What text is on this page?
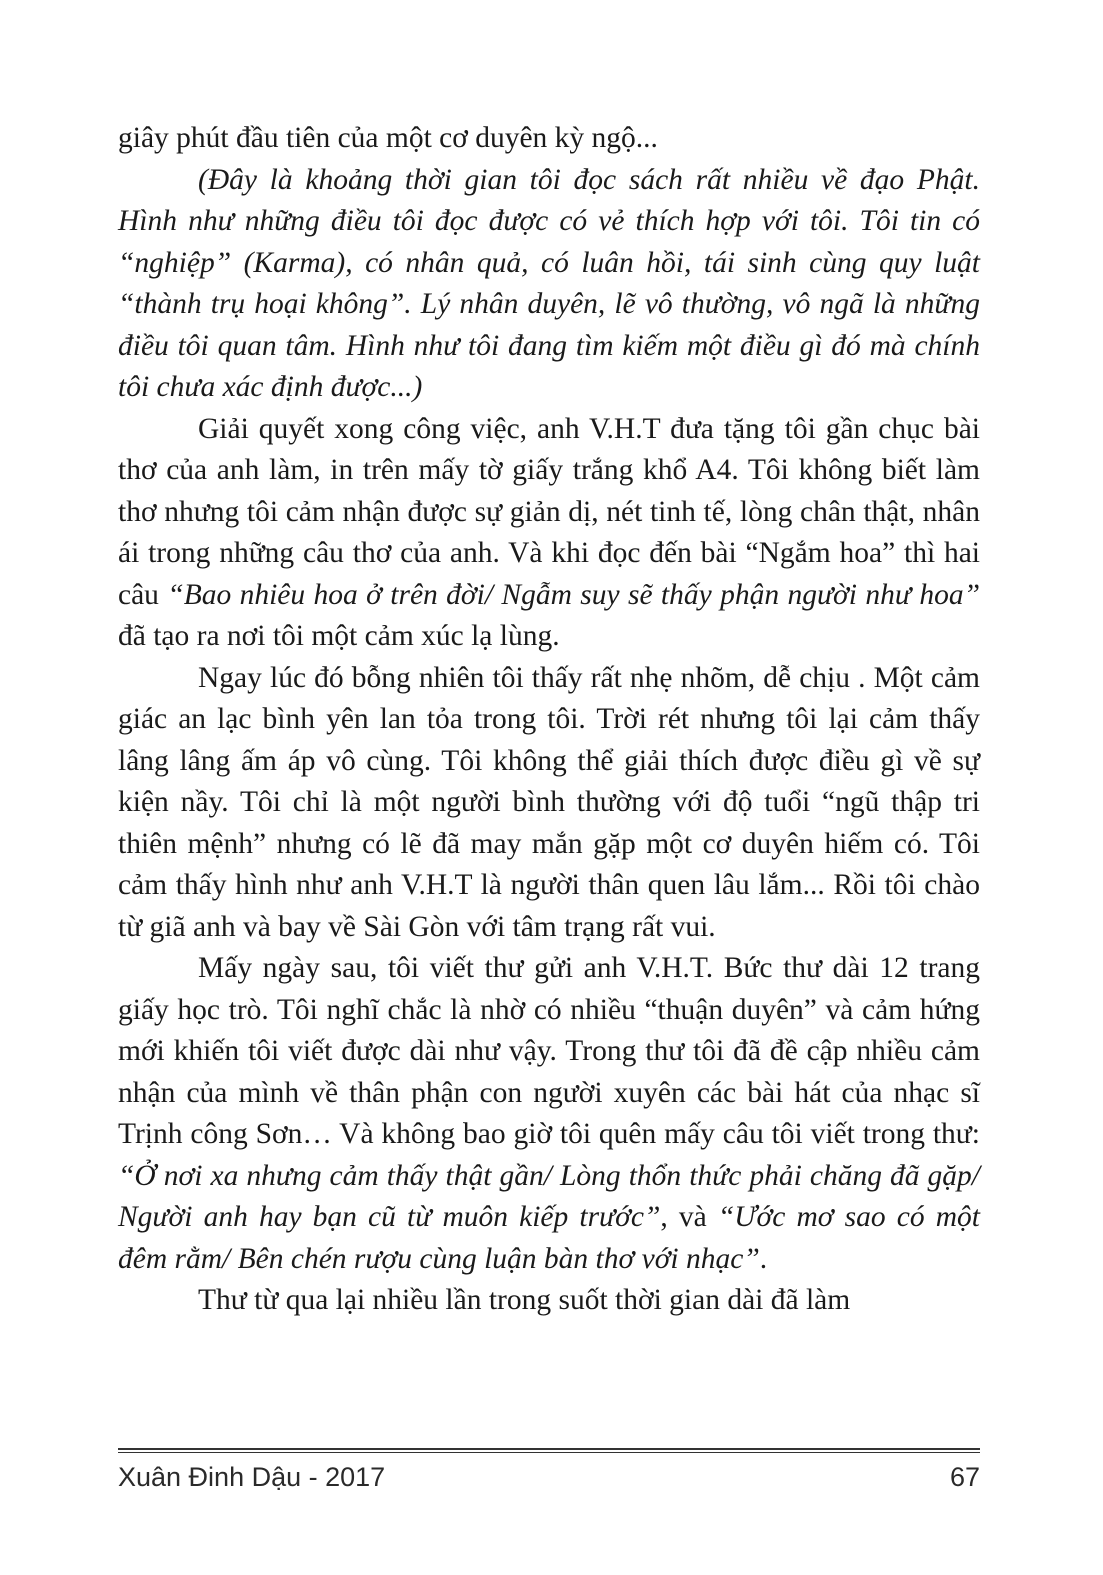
giây phút đầu tiên của một cơ duyên kỳ ngộ...

(Đây là khoảng thời gian tôi đọc sách rất nhiều về đạo Phật. Hình như những điều tôi đọc được có vẻ thích hợp với tôi. Tôi tin có “nghiệp” (Karma), có nhân quả, có luân hồi, tái sinh cùng quy luật “thành trụ hoại không”. Lý nhân duyên, lẽ vô thường, vô ngã là những điều tôi quan tâm. Hình như tôi đang tìm kiếm một điều gì đó mà chính tôi chưa xác định được...)

Giải quyết xong công việc, anh V.H.T đưa tặng tôi gần chục bài thơ của anh làm, in trên mấy tờ giấy trắng khổ A4. Tôi không biết làm thơ nhưng tôi cảm nhận được sự giản dị, nét tinh tế, lòng chân thật, nhân ái trong những câu thơ của anh. Và khi đọc đến bài “Ngắm hoa” thì hai câu “Bao nhiêu hoa ở trên đời/ Ngẫm suy sẽ thấy phận người như hoa” đã tạo ra nơi tôi một cảm xúc lạ lùng.

Ngay lúc đó bỗng nhiên tôi thấy rất nhẹ nhõm, dễ chịu . Một cảm giác an lạc bình yên lan tỏa trong tôi. Trời rét nhưng tôi lại cảm thấy lâng lâng ấm áp vô cùng. Tôi không thể giải thích được điều gì về sự kiện nầy. Tôi chỉ là một người bình thường với độ tuổi “ngũ thập tri thiên mệnh” nhưng có lẽ đã may mắn gặp một cơ duyên hiếm có. Tôi cảm thấy hình như anh V.H.T là người thân quen lâu lắm... Rồi tôi chào từ giã anh và bay về Sài Gòn với tâm trạng rất vui.

Mấy ngày sau, tôi viết thư gửi anh V.H.T. Bức thư dài 12 trang giấy học trò. Tôi nghĩ chắc là nhờ có nhiều “thuận duyên” và cảm hứng mới khiến tôi viết được dài như vậy. Trong thư tôi đã đề cập nhiều cảm nhận của mình về thân phận con người xuyên các bài hát của nhạc sĩ Trịnh công Sơn… Và không bao giờ tôi quên mấy câu tôi viết trong thư: “Ở nơi xa nhưng cảm thấy thật gần/ Lòng thổn thức phải chăng đã gặp/ Người anh hay bạn cũ từ muôn kiếp trước”, và “Ước mơ sao có một đêm rằm/ Bên chén rượu cùng luận bàn thơ với nhạc”.

Thư từ qua lại nhiều lần trong suốt thời gian dài đã làm

Xuân Đinh Dậu - 2017	67
